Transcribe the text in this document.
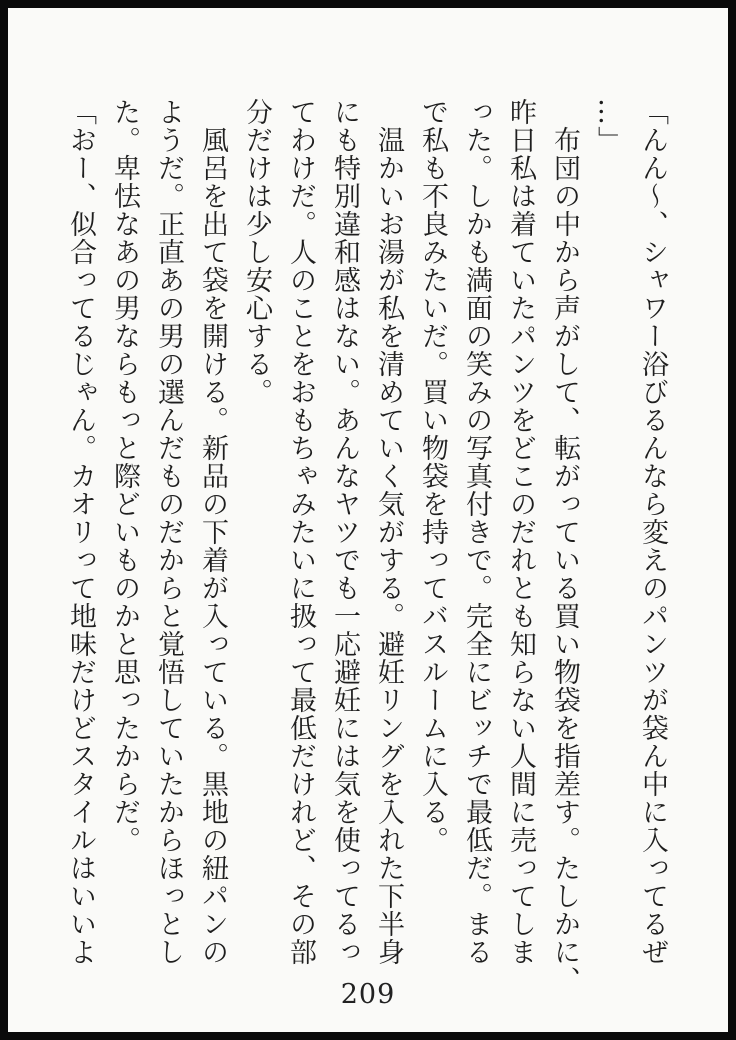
「んん〜、シャワー浴びるんなら変えのパンツが袋ん中に入ってるぜ

…」

　布団の中から声がして、転がっている買い物袋を指差す。たしかに、

昨日私は着ていたパンツをどこのだれとも知らない人間に売ってしま

った。しかも満面の笑みの写真付きで。完全にビッチで最低だ。まる

で私も不良みたいだ。買い物袋を持ってバスルームに入る。

　温かいお湯が私を清めていく気がする。避妊リングを入れた下半身

にも特別違和感はない。あんなヤツでも一応避妊には気を使ってるっ

てわけだ。人のことをおもちゃみたいに扱って最低だけれど、その部

分だけは少し安心する。

　風呂を出て袋を開ける。新品の下着が入っている。黒地の紐パンの

ようだ。正直あの男の選んだものだからと覚悟していたからほっとし

た。卑怯なあの男ならもっと際どいものかと思ったからだ。

「おー、似合ってるじゃん。カオリって地味だけどスタイルはいいよ

209
